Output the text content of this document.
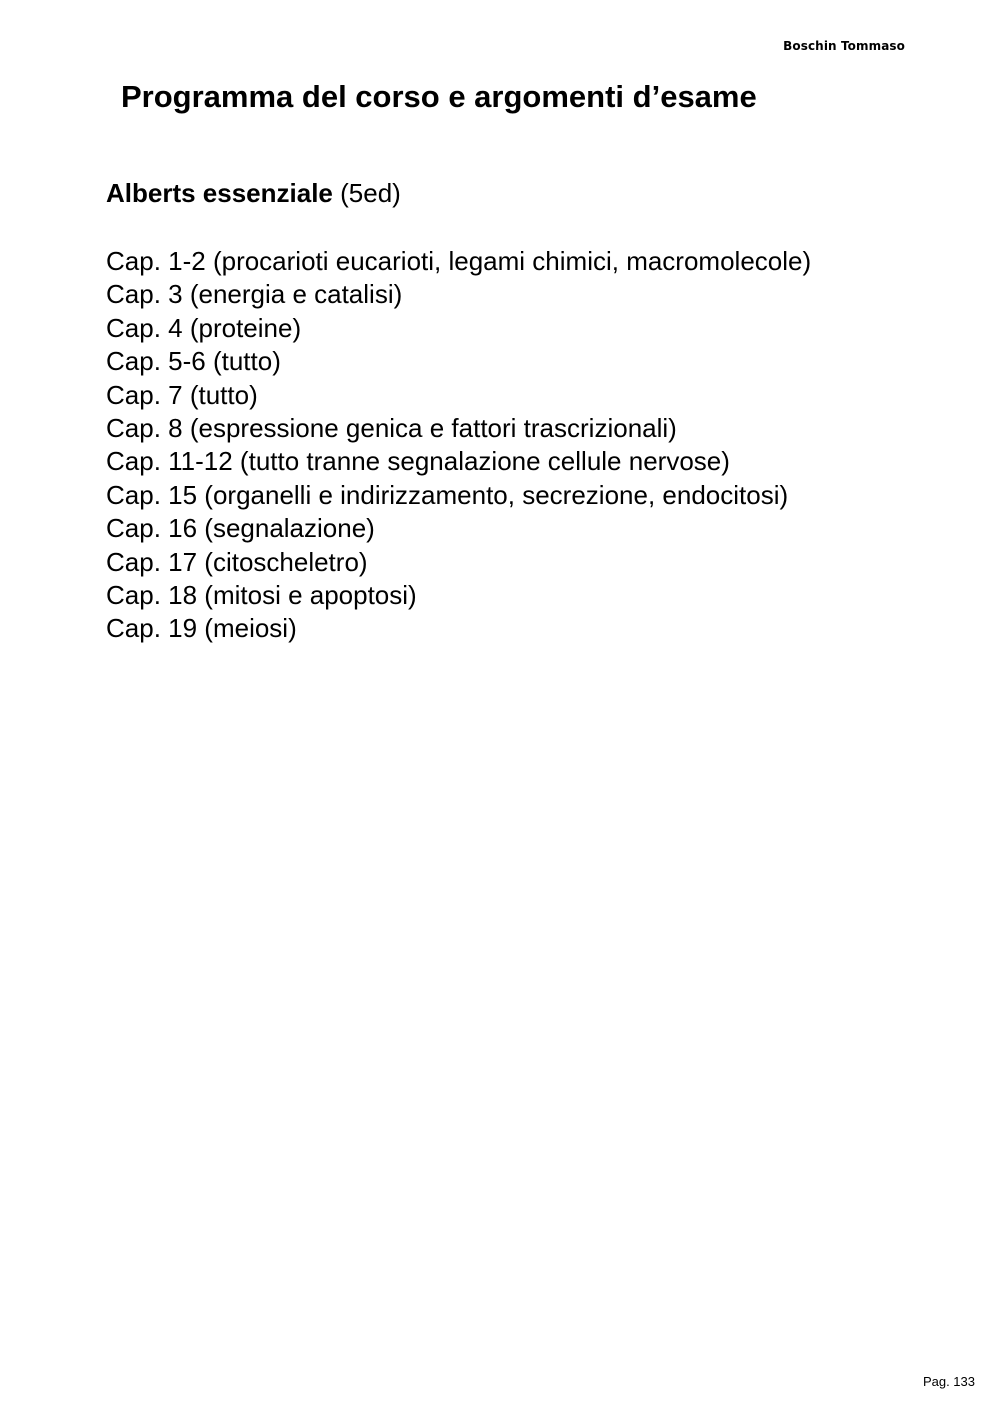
Boschin Tommaso
Programma del corso e argomenti d’esame
Alberts essenziale (5ed)
Cap. 1-2 (procarioti eucarioti, legami chimici, macromolecole)
Cap. 3 (energia e catalisi)
Cap. 4 (proteine)
Cap. 5-6 (tutto)
Cap. 7 (tutto)
Cap. 8 (espressione genica e fattori trascrizionali)
Cap. 11-12 (tutto tranne segnalazione cellule nervose)
Cap. 15 (organelli e indirizzamento, secrezione, endocitosi)
Cap. 16 (segnalazione)
Cap. 17 (citoscheletro)
Cap. 18 (mitosi e apoptosi)
Cap. 19 (meiosi)
Pag. 133
